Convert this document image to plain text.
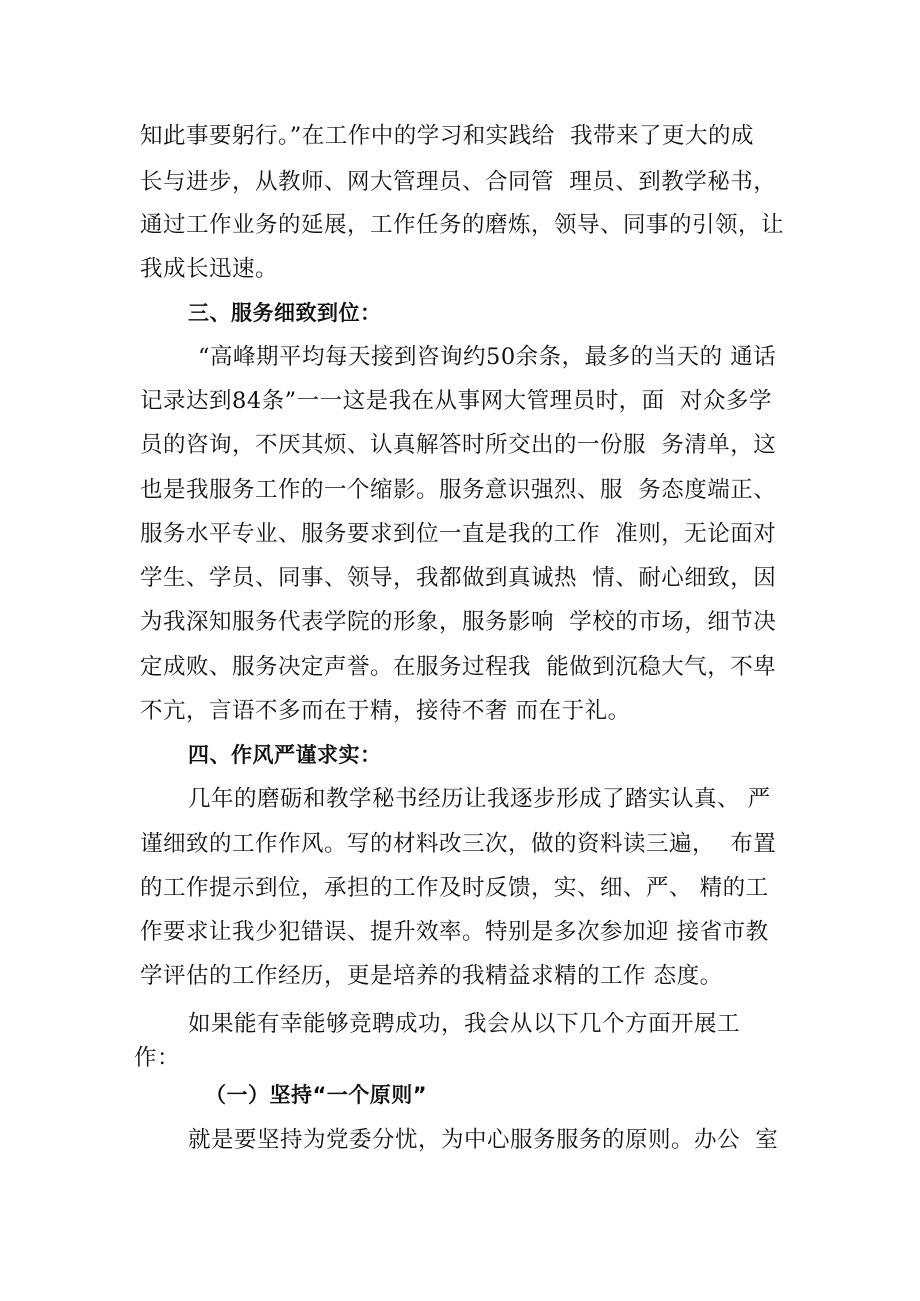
知此事要躬行。”在工作中的学习和实践给  我带来了更大的成
长与进步，从教师、网大管理员、合同管  理员、到教学秘书，
通过工作业务的延展，工作任务的磨炼，领导、同事的引领，让
我成长迅速。
三、服务细致到位：
“高峰期平均每天接到咨询约50余条，最多的当天的 通话
记录达到84条”一一这是我在从事网大管理员时，面  对众多学
员的咨询，不厌其烦、认真解答时所交出的一份服  务清单，这
也是我服务工作的一个缩影。服务意识强烈、服  务态度端正、
服务水平专业、服务要求到位一直是我的工作  准则，无论面对
学生、学员、同事、领导，我都做到真诚热  情、耐心细致，因
为我深知服务代表学院的形象，服务影响  学校的市场，细节决
定成败、服务决定声誉。在服务过程我  能做到沉稳大气，不卑
不亢，言语不多而在于精，接待不奢 而在于礼。
四、作风严谨求实：
几年的磨砺和教学秘书经历让我逐步形成了踏实认真、 严
谨细致的工作作风。写的材料改三次，做的资料读三遍，  布置
的工作提示到位，承担的工作及时反馈，实、细、严、 精的工
作要求让我少犯错误、提升效率。特别是多次参加迎 接省市教
学评估的工作经历，更是培养的我精益求精的工作 态度。
如果能有幸能够竞聘成功，我会从以下几个方面开展工
作：
（一）坚持“一个原则”
就是要坚持为党委分忧，为中心服务服务的原则。办公  室
